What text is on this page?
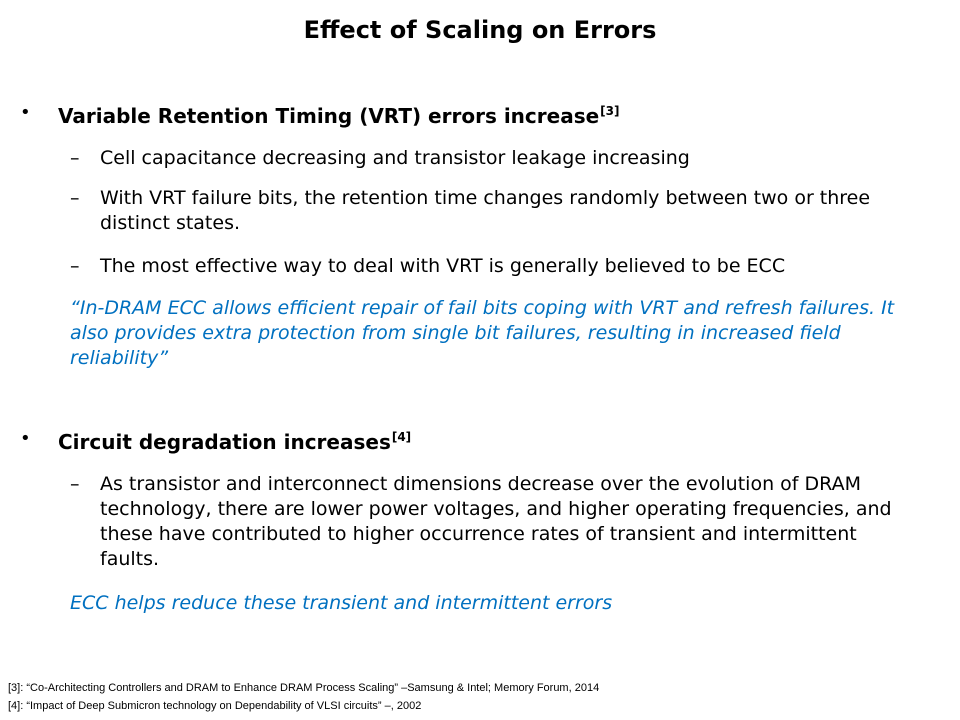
Effect of Scaling on Errors
• Variable Retention Timing (VRT) errors increase[3]
– Cell capacitance decreasing and transistor leakage increasing
– With VRT failure bits, the retention time changes randomly between two or three distinct states.
– The most effective way to deal with VRT is generally believed to be ECC
“In-DRAM ECC allows efficient repair of fail bits coping with VRT and refresh failures. It also provides extra protection from single bit failures, resulting in increased field reliability”
• Circuit degradation increases[4]
– As transistor and interconnect dimensions decrease over the evolution of DRAM technology, there are lower power voltages, and higher operating frequencies, and these have contributed to higher occurrence rates of transient and intermittent faults.
ECC helps reduce these transient and intermittent errors
[3]: “Co-Architecting Controllers and DRAM to Enhance DRAM Process Scaling” –Samsung & Intel; Memory Forum, 2014
[4]: “Impact of Deep Submicron technology on Dependability of VLSI circuits” –, 2002
